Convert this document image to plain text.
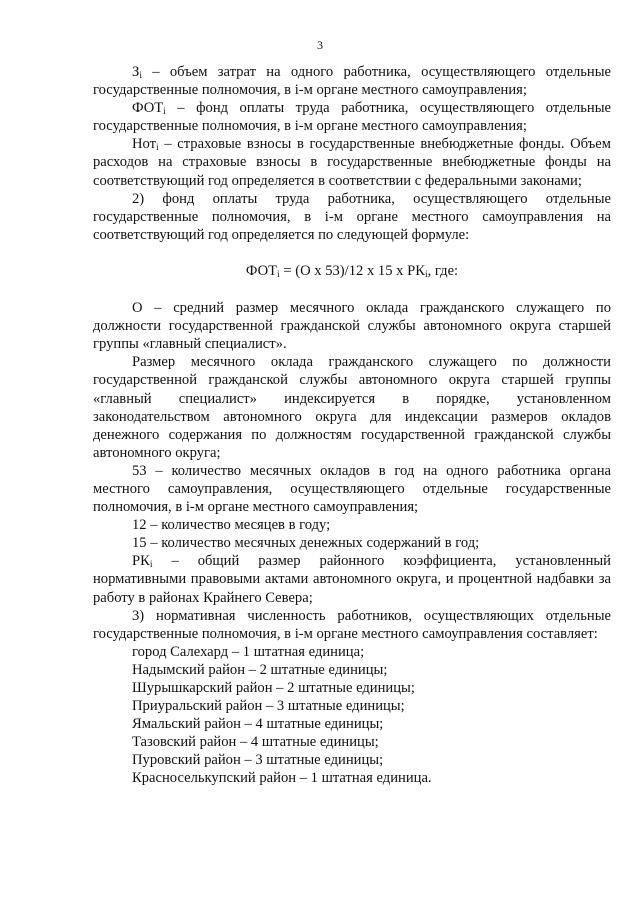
3

$З_i$ – объем затрат на одного работника, осуществляющего отдельные государственные полномочия, в i-м органе местного самоуправления;

$ФОТ_i$ – фонд оплаты труда работника, осуществляющего отдельные государственные полномочия, в i-м органе местного самоуправления;

Нот$_i$ – страховые взносы в государственные внебюджетные фонды. Объем расходов на страховые взносы в государственные внебюджетные фонды на соответствующий год определяется в соответствии с федеральными законами;

2) фонд оплаты труда работника, осуществляющего отдельные государственные полномочия, в i-м органе местного самоуправления на соответствующий год определяется по следующей формуле:

$ФОТ_i = (О$ х 53)/12 х 15 х $РК_i$, где:

О – средний размер месячного оклада гражданского служащего по должности государственной гражданской службы автономного округа старшей группы «главный специалист».

Размер месячного оклада гражданского служащего по должности государственной гражданской службы автономного округа старшей группы «главный специалист» индексируется в порядке, установленном законодательством автономного округа для индексации размеров окладов денежного содержания по должностям государственной гражданской службы автономного округа;

53 – количество месячных окладов в год на одного работника органа местного самоуправления, осуществляющего отдельные государственные полномочия, в i-м органе местного самоуправления;

12 – количество месяцев в году;

15 – количество месячных денежных содержаний в год;

$РК_i$ – общий размер районного коэффициента, установленный нормативными правовыми актами автономного округа, и процентной надбавки за работу в районах Крайнего Севера;

3) нормативная численность работников, осуществляющих отдельные государственные полномочия, в i-м органе местного самоуправления составляет:

город Салехард – 1 штатная единица;

Надымский район – 2 штатные единицы;

Шурышкарский район – 2 штатные единицы;

Приуральский район – 3 штатные единицы;

Ямальский район – 4 штатные единицы;

Тазовский район – 4 штатные единицы;

Пуровский район – 3 штатные единицы;

Красноселькупский район – 1 штатная единица.
